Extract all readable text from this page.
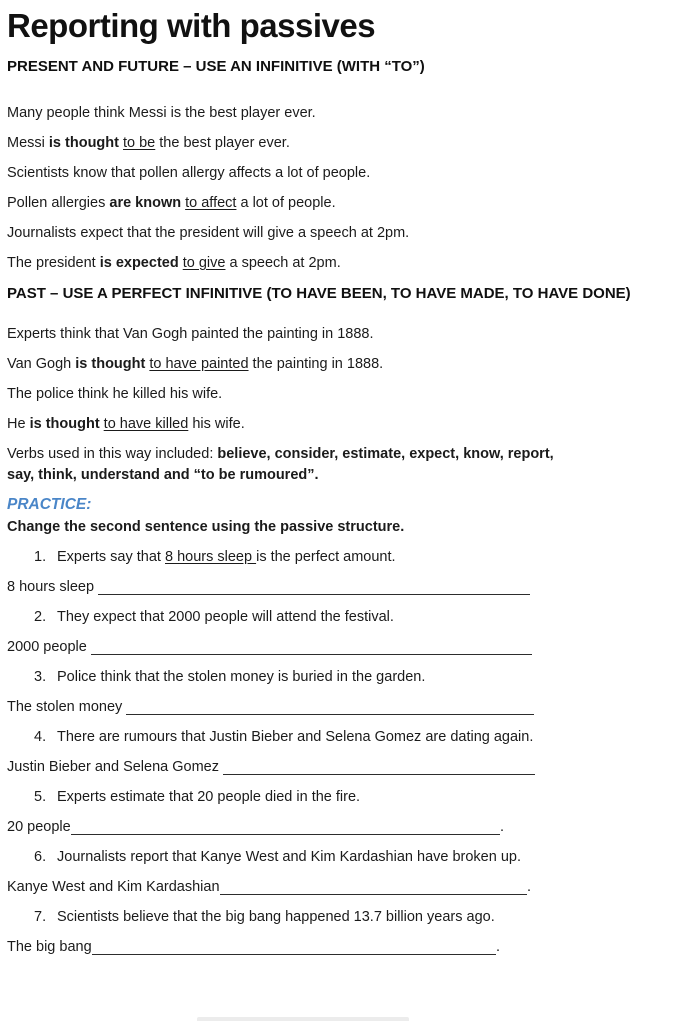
Reporting with passives
PRESENT AND FUTURE – USE AN INFINITIVE (WITH “TO”)

Many people think Messi is the best player ever.

Messi is thought to be the best player ever.

Scientists know that pollen allergy affects a lot of people.

Pollen allergies are known to affect a lot of people.

Journalists expect that the president will give a speech at 2pm.

The president is expected to give a speech at 2pm.

PAST – USE A PERFECT INFINITIVE (TO HAVE BEEN, TO HAVE MADE, TO HAVE DONE)

Experts think that Van Gogh painted the painting in 1888.

Van Gogh is thought to have painted the painting in 1888.

The police think he killed his wife.

He is thought to have killed his wife.

Verbs used in this way included: believe, consider, estimate, expect, know, report, say, think, understand and “to be rumoured”.

PRACTICE:

Change the second sentence using the passive structure.

1. Experts say that 8 hours sleep is the perfect amount.
8 hours sleep
2. They expect that 2000 people will attend the festival.
2000 people
3. Police think that the stolen money is buried in the garden.
The stolen money
4. There are rumours that Justin Bieber and Selena Gomez are dating again.
Justin Bieber and Selena Gomez
5. Experts estimate that 20 people died in the fire.
20 people	.
6. Journalists report that Kanye West and Kim Kardashian have broken up.
Kanye West and Kim Kardashian	.
7. Scientists believe that the big bang happened 13.7 billion years ago.
The big bang	.
